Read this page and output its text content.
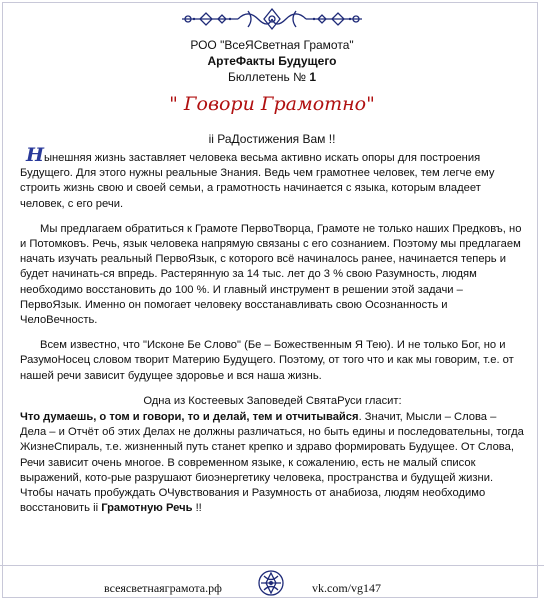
РОО "ВсеЯСветная Грамота"
АртеФакты Будущего
Бюллетень № 1
" Говори Грамотно"
ii РаДостижения Вам !!

Нынешняя жизнь заставляет человека весьма активно искать опоры для построения Будущего. Для этого нужны реальные Знания. Ведь чем грамотнее человек, тем легче ему строить жизнь свою и своей семьи, а грамотность начинается с языка, которым владеет человек, с его речи.

Мы предлагаем обратиться к Грамоте ПервоТворца, Грамоте не только наших Предковъ, но и Потомковъ. Речь, язык человека напрямую связаны с его сознанием. Поэтому мы предлагаем начать изучать реальный ПервоЯзык, с которого всё начиналось ранее, начинается теперь и будет начинать-ся впредь. Растерянную за 14 тыс. лет до 3 % свою Разумность, людям необходимо восстановить до 100 %. И главный инструмент в решении этой задачи – ПервоЯзык. Именно он помогает человеку восстанавливать свою Осознанность и ЧелоВечность.

Всем известно, что "Исконе Бе Слово" (Бе – Божественным Я Тею). И не только Бог, но и РазумоНосец словом творит Материю Будущего. Поэтому, от того что и как мы говорим, т.е. от нашей речи зависит будущее здоровье и вся наша жизнь.

Одна из Костеевых Заповедей СвятаРуси гласит:

Что думаешь, о том и говори, то и делай, тем и отчитывайся. Значит, Мысли – Слова – Дела – и Отчёт об этих Делах не должны различаться, но быть едины и последовательны, тогда ЖизнеСпираль, т.е. жизненный путь станет крепко и здраво формировать Будущее. От Слова, Речи зависит очень многое. В современном языке, к сожалению, есть не малый список выражений, кото-рые разрушают биоэнергетику человека, пространства и будущей жизни. Чтобы начать пробуждать ОЧувствования и Разумность от анабиоза, людям необходимо восстановить ii Грамотную Речь !!

всеясветнаяграмота.рф	vk.com/vg147
